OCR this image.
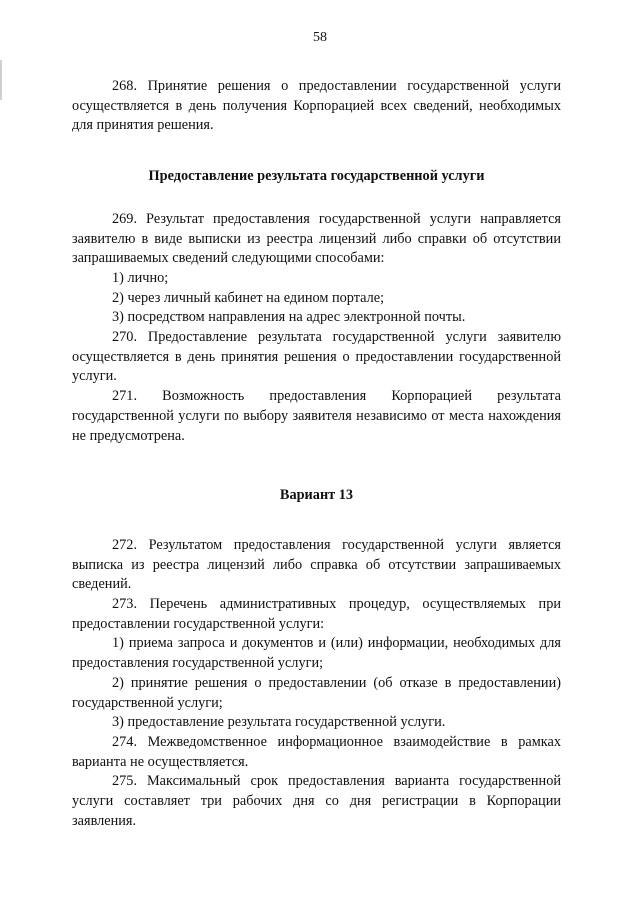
58

268. Принятие решения о предоставлении государственной услуги осуществляется в день получения Корпорацией всех сведений, необходимых для принятия решения.

Предоставление результата государственной услуги

269. Результат предоставления государственной услуги направляется заявителю в виде выписки из реестра лицензий либо справки об отсутствии запрашиваемых сведений следующими способами:

1) лично;

2) через личный кабинет на едином портале;

3) посредством направления на адрес электронной почты.

270. Предоставление результата государственной услуги заявителю осуществляется в день принятия решения о предоставлении государственной услуги.

271. Возможность предоставления Корпорацией результата государственной услуги по выбору заявителя независимо от места нахождения не предусмотрена.

Вариант 13

272. Результатом предоставления государственной услуги является выписка из реестра лицензий либо справка об отсутствии запрашиваемых сведений.

273. Перечень административных процедур, осуществляемых при предоставлении государственной услуги:

1) приема запроса и документов и (или) информации, необходимых для предоставления государственной услуги;

2) принятие решения о предоставлении (об отказе в предоставлении) государственной услуги;

3) предоставление результата государственной услуги.

274. Межведомственное информационное взаимодействие в рамках варианта не осуществляется.

275. Максимальный срок предоставления варианта государственной услуги составляет три рабочих дня со дня регистрации в Корпорации заявления.
